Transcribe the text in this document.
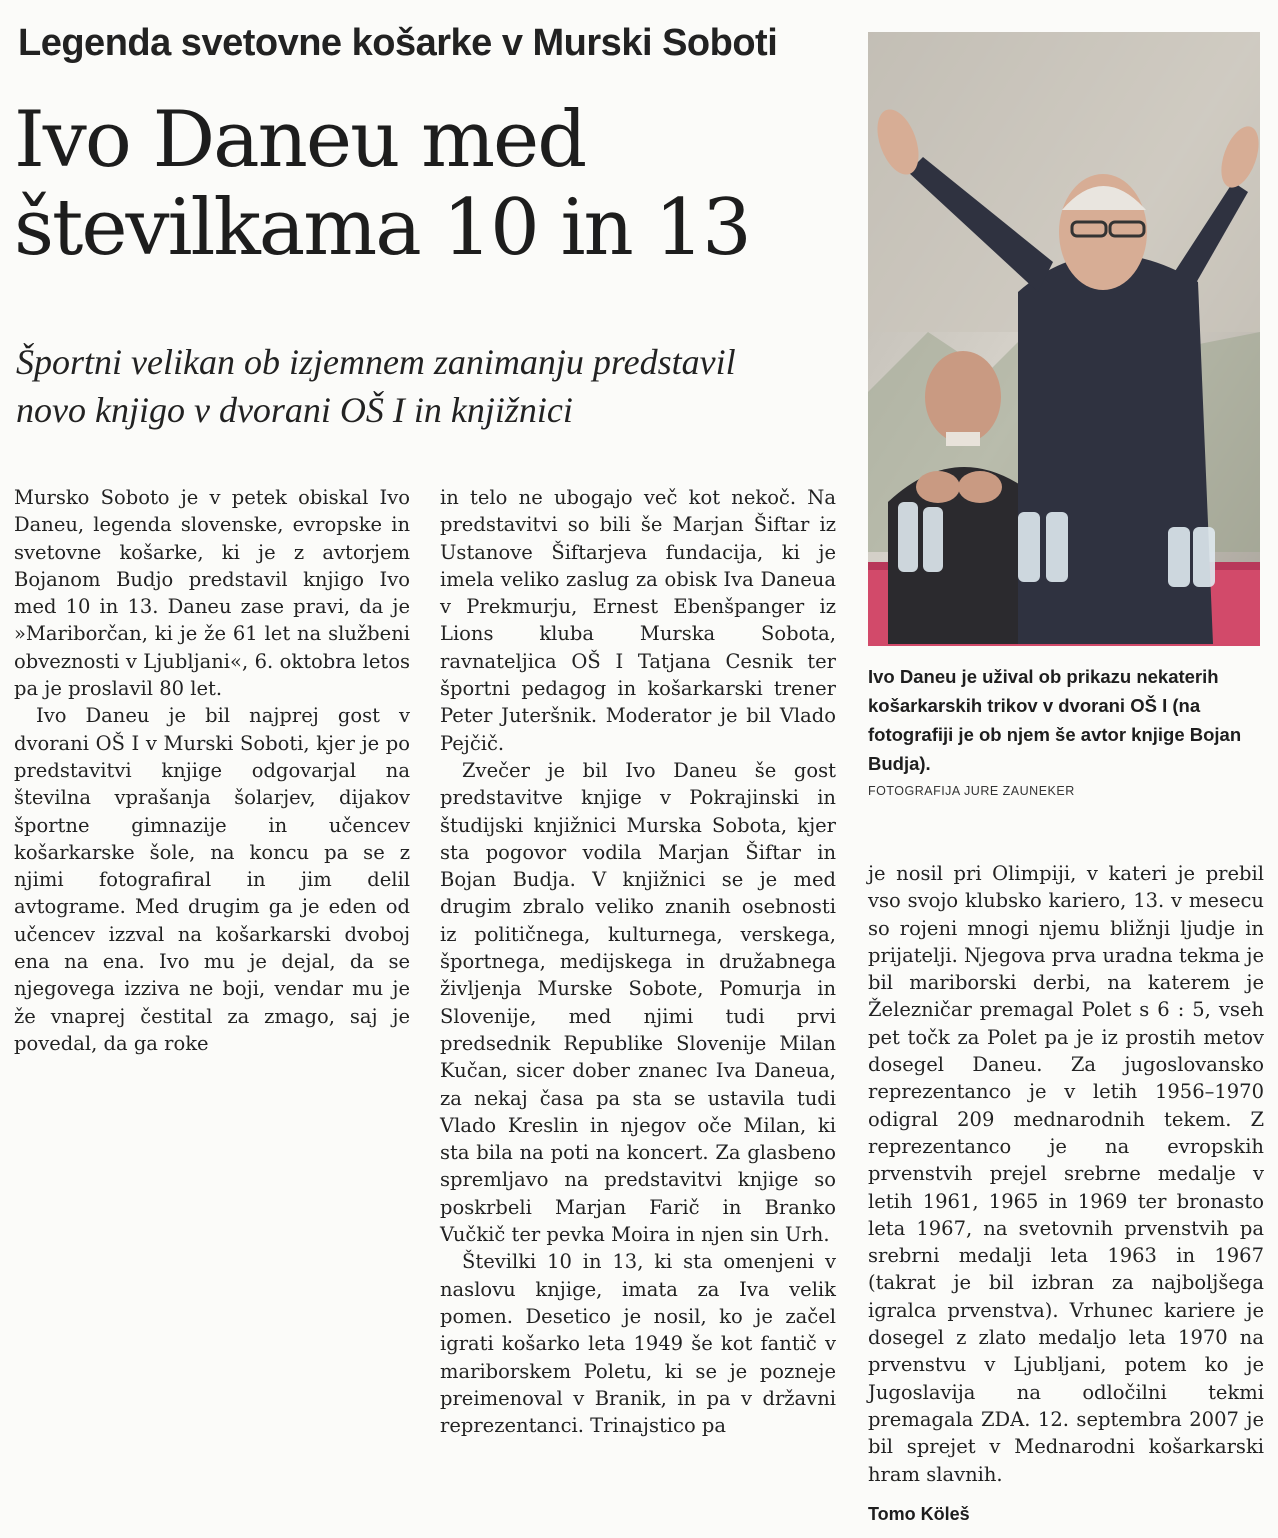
Legenda svetovne košarke v Murski Soboti
Ivo Daneu med
številkama 10 in 13
Športni velikan ob izjemnem zanimanju predstavil
novo knjigo v dvorani OŠ I in knjižnici

Mursko Soboto je v petek obiskal Ivo Daneu, legenda slovenske, evropske in svetovne košarke, ki je z avtorjem Bojanom Budjo predstavil knjigo Ivo med 10 in 13. Daneu zase pravi, da je »Mariborčan, ki je že 61 let na službeni obveznosti v Ljubljani«, 6. oktobra letos pa je proslavil 80 let.

Ivo Daneu je bil najprej gost v dvorani OŠ I v Murski Soboti, kjer je po predstavitvi knjige odgovarjal na številna vprašanja šolarjev, dijakov športne gimnazije in učencev košarkarske šole, na koncu pa se z njimi fotografiral in jim delil avtograme. Med drugim ga je eden od učencev izzval na košarkarski dvoboj ena na ena. Ivo mu je dejal, da se njegovega izziva ne boji, vendar mu je že vnaprej čestital za zmago, saj je povedal, da ga roke

in telo ne ubogajo več kot nekoč. Na predstavitvi so bili še Marjan Šiftar iz Ustanove Šiftarjeva fundacija, ki je imela veliko zaslug za obisk Iva Daneua v Prekmurju, Ernest Ebenšpanger iz Lions kluba Murska Sobota, ravnateljica OŠ I Tatjana Cesnik ter športni pedagog in košarkarski trener Peter Juteršnik. Moderator je bil Vlado Pejčič.

Zvečer je bil Ivo Daneu še gost predstavitve knjige v Pokrajinski in študijski knjižnici Murska Sobota, kjer sta pogovor vodila Marjan Šiftar in Bojan Budja. V knjižnici se je med drugim zbralo veliko znanih osebnosti iz političnega, kulturnega, verskega, športnega, medijskega in družabnega življenja Murske Sobote, Pomurja in Slovenije, med njimi tudi prvi predsednik Republike Slovenije Milan Kučan, sicer dober znanec Iva Daneua, za nekaj časa pa sta se ustavila tudi Vlado Kreslin in njegov oče Milan, ki sta bila na poti na koncert. Za glasbeno spremljavo na predstavitvi knjige so poskrbeli Marjan Farič in Branko Vučkič ter pevka Moira in njen sin Urh.

Številki 10 in 13, ki sta omenjeni v naslovu knjige, imata za Iva velik pomen. Desetico je nosil, ko je začel igrati košarko leta 1949 še kot fantič v mariborskem Poletu, ki se je pozneje preimenoval v Branik, in pa v državni reprezentanci. Trinajstico pa

Ivo Daneu je užival ob prikazu nekaterih košarkarskih trikov v dvorani OŠ I (na fotografiji je ob njem še avtor knjige Bojan Budja).
FOTOGRAFIJA JURE ZAUNEKER

je nosil pri Olimpiji, v kateri je prebil vso svojo klubsko kariero, 13. v mesecu so rojeni mnogi njemu bližnji ljudje in prijatelji. Njegova prva uradna tekma je bil mariborski derbi, na katerem je Železničar premagal Polet s 6 : 5, vseh pet točk za Polet pa je iz prostih metov dosegel Daneu. Za jugoslovansko reprezentanco je v letih 1956–1970 odigral 209 mednarodnih tekem. Z reprezentanco je na evropskih prvenstvih prejel srebrne medalje v letih 1961, 1965 in 1969 ter bronasto leta 1967, na svetovnih prvenstvih pa srebrni medalji leta 1963 in 1967 (takrat je bil izbran za najboljšega igralca prvenstva). Vrhunec kariere je dosegel z zlato medaljo leta 1970 na prvenstvu v Ljubljani, potem ko je Jugoslavija na odločilni tekmi premagala ZDA. 12. septembra 2007 je bil sprejet v Mednarodni košarkarski hram slavnih.

Tomo Köleš
